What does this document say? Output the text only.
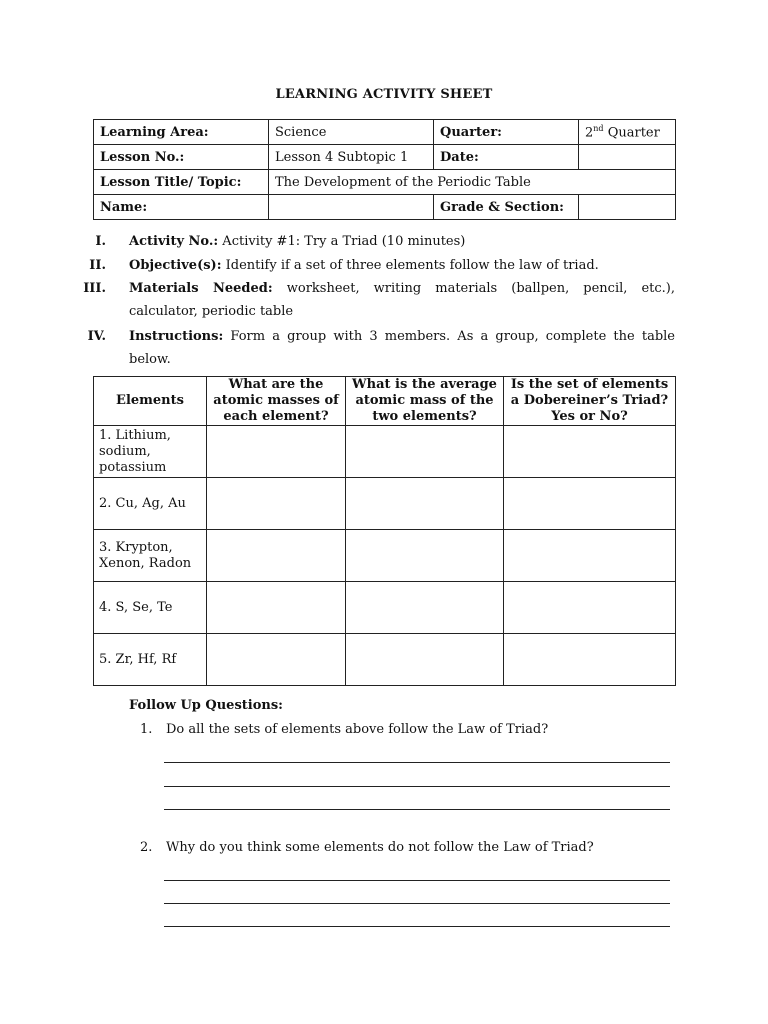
LEARNING ACTIVITY SHEET
Learning Area:	Science	Quarter:	2nd Quarter
Lesson No.:	Lesson 4 Subtopic 1	Date:	
Lesson Title/ Topic:	The Development of the Periodic Table		
Name:		Grade & Section:	
I. Activity No.: Activity #1: Try a Triad (10 minutes)
II. Objective(s): Identify if a set of three elements follow the law of triad.
III. Materials Needed: worksheet, writing materials (ballpen, pencil, etc.), calculator, periodic table
IV. Instructions: Form a group with 3 members. As a group, complete the table below.
Elements	What are the atomic masses of each element?	What is the average atomic mass of the two elements?	Is the set of elements a Dobereiner’s Triad? Yes or No?
1. Lithium, sodium, potassium			
2. Cu, Ag, Au			
3. Krypton, Xenon, Radon			
4. S, Se, Te			
5. Zr, Hf, Rf			
Follow Up Questions:
1. Do all the sets of elements above follow the Law of Triad?
2. Why do you think some elements do not follow the Law of Triad?
